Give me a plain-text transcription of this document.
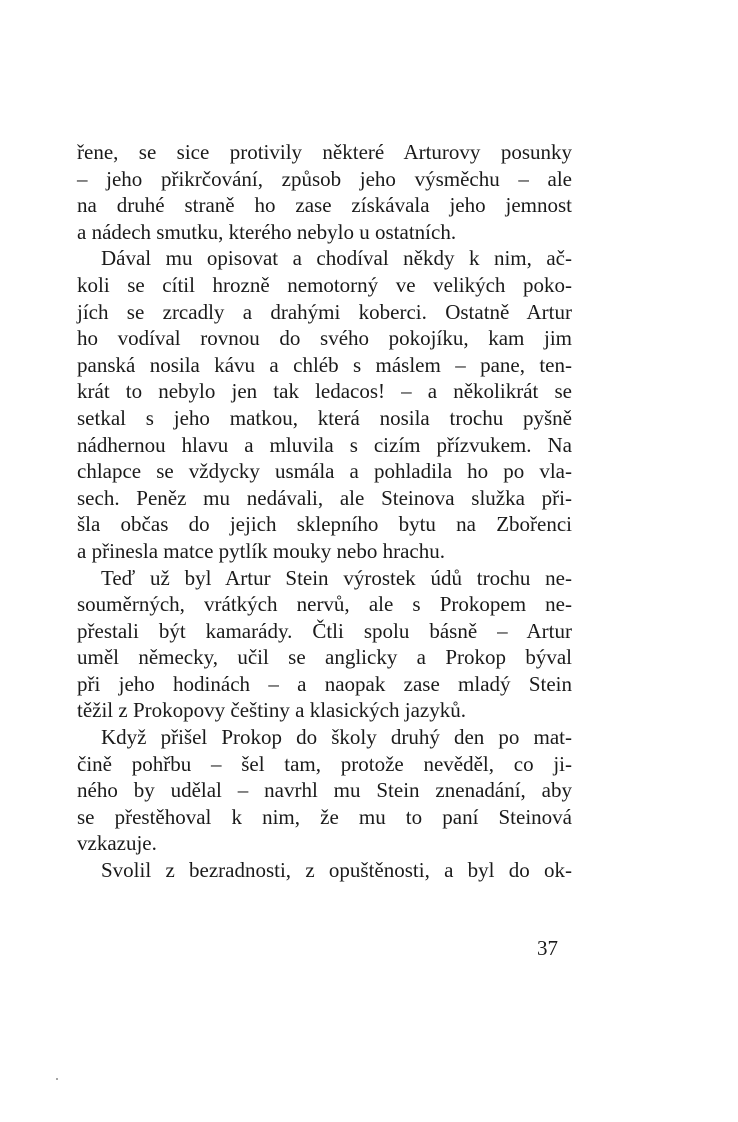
řene, se sice protivily některé Arturovy posunky
– jeho přikrčování, způsob jeho výsměchu – ale
na druhé straně ho zase získávala jeho jemnost
a nádech smutku, kterého nebylo u ostatních.
Dával mu opisovat a chodíval někdy k nim, ač-
koli se cítil hrozně nemotorný ve velikých poko-
jích se zrcadly a drahými koberci. Ostatně Artur
ho vodíval rovnou do svého pokojíku, kam jim
panská nosila kávu a chléb s máslem – pane, ten-
krát to nebylo jen tak ledacos! – a několikrát se
setkal s jeho matkou, která nosila trochu pyšně
nádhernou hlavu a mluvila s cizím přízvukem. Na
chlapce se vždycky usmála a pohladila ho po vla-
sech. Peněz mu nedávali, ale Steinova služka při-
šla občas do jejich sklepního bytu na Zbořenci
a přinesla matce pytlík mouky nebo hrachu.
Teď už byl Artur Stein výrostek údů trochu ne-
souměrných, vrátkých nervů, ale s Prokopem ne-
přestali být kamarády. Čtli spolu básně – Artur
uměl německy, učil se anglicky a Prokop býval
při jeho hodinách – a naopak zase mladý Stein
těžil z Prokopovy češtiny a klasických jazyků.
Když přišel Prokop do školy druhý den po mat-
čině pohřbu – šel tam, protože nevěděl, co ji-
ného by udělal – navrhl mu Stein znenadání, aby
se přestěhoval k nim, že mu to paní Steinová
vzkazuje.
Svolil z bezradnosti, z opuštěnosti, a byl do ok-
37
